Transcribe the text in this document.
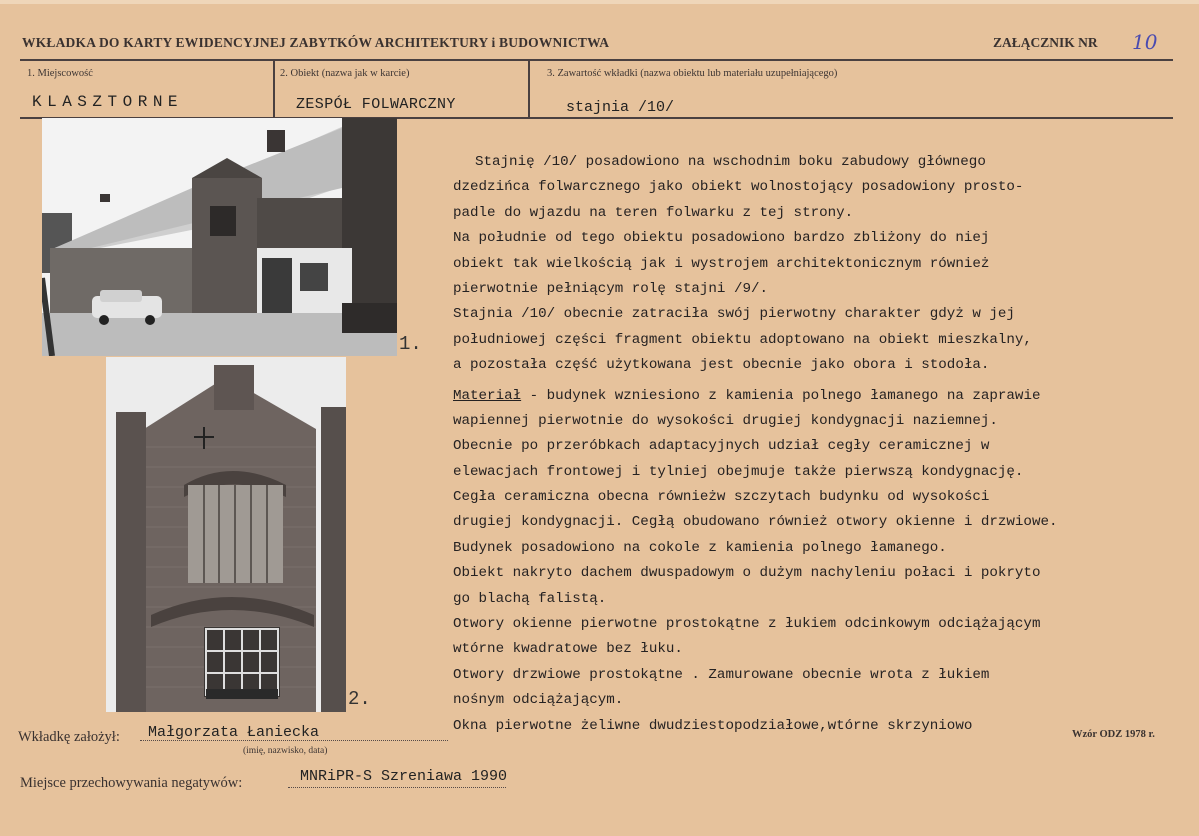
WKŁADKA DO KARTY EWIDENCYJNEJ ZABYTKÓW ARCHITEKTURY i BUDOWNICTWA	ZAŁĄCZNIK NR 10
1. Miejscowość	2. Obiekt (nazwa jak w karcie)	3. Zawartość wkładki (nazwa obiektu lub materiału uzupełniającego)
KLASZTORNE	ZESPÓŁ FOLWARCZNY	stajnia /10/
1.
2.
Stajnię /10/ posadowiono na wschodnim boku zabudowy głównego
dzedzińca folwarcznego jako obiekt wolnostojący posadowiony prosto-
padle do wjazdu na teren folwarku z tej strony.
Na południe od tego obiektu posadowiono bardzo zbliżony do niej
obiekt tak wielkością jak i wystrojem architektonicznym również
pierwotnie pełniącym rolę stajni /9/.
Stajnia /10/ obecnie zatraciła swój pierwotny charakter gdyż w jej
południowej części fragment obiektu adoptowano na obiekt mieszkalny,
a pozostała część użytkowana jest obecnie jako obora i stodoła.
Materiał - budynek wzniesiono z kamienia polnego łamanego na zaprawie
wapiennej pierwotnie do wysokości drugiej kondygnacji naziemnej.
Obecnie po przeróbkach adaptacyjnych udział cegły ceramicznej w
elewacjach frontowej i tylniej obejmuje także pierwszą kondygnację.
Cegła ceramiczna obecna równieżw szczytach budynku od wysokości
drugiej kondygnacji. Cegłą obudowano również otwory okienne i drzwiowe.
Budynek posadowiono na cokole z kamienia polnego łamanego.
Obiekt nakryto dachem dwuspadowym o dużym nachyleniu połaci i pokryto
go blachą falistą.
Otwory okienne pierwotne prostokątne z łukiem odcinkowym odciążającym
wtórne kwadratowe bez łuku.
Otwory drzwiowe prostokątne . Zamurowane obecnie wrota z łukiem
nośnym odciążającym.
Okna pierwotne żeliwne dwudziestopodziałowe,wtórne skrzyniowo
Wkładkę założył: Małgorzata Łaniecka
(imię, nazwisko, data)
Wzór ODZ 1978 r.
Miejsce przechowywania negatywów:	MNRiPR-S Szreniawa 1990
